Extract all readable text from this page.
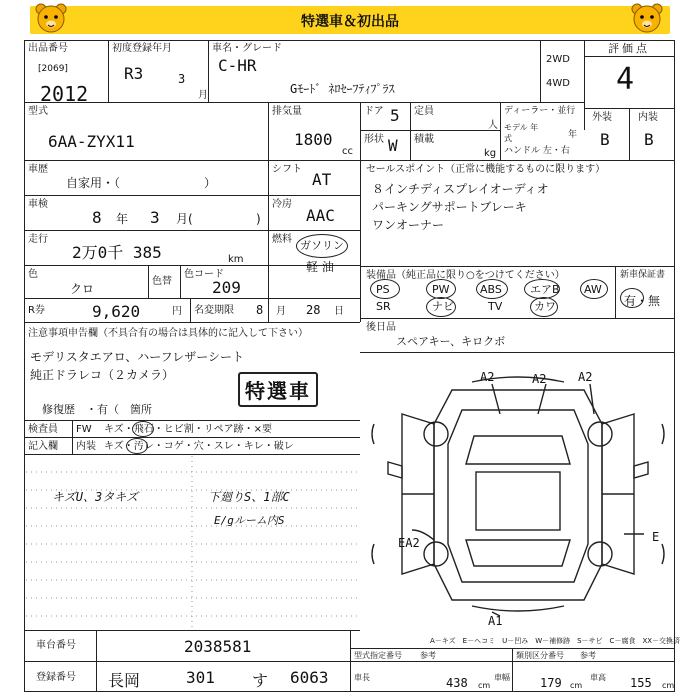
特選車＆初出品
出品番号
[2069]
2012
初度登録年月
R3	3
月
車名・グレード
C-HR
Gﾓｰﾄﾞ ﾈﾛｾｰﾌﾃｨﾌﾟﾗｽ
2WD
4WD
評価点
4
外装	内装
B B
型式
6AA-ZYX11
排気量
1800
cc
ドア 5
形状 W
定員
人
積載
kg
ディーラー・並行
モデル 年式	年
ハンドル 左・右
車歴
自家用・（　　　　　　　）
シフト
AT
車検
8 年 3 月(	)
冷房
AAC
走行
2万0千 385	km
燃料 ガソリン
軽 油
色
クロ
色替
色コード
209
R券	9,620	円 名変期限 8 月 28 日
セールスポイント（正常に機能するものに限ります）
８インチディスプレイオーディオ
パーキングサポートブレーキ
ワンオーナー
装備品（純正品に限り○をつけてください）	新車保証書
PS	PW	ABS	エアB AW
SR	ナビ	TV	カワ	有・無
後日品
スペアキー、キロクボ
注意事項申告欄（不具合有の場合は具体的に記入して下さい）
モデリスタエアロ、ハーフレザーシート
純正ドラレコ（２カメラ）
特選車
修復歴　・有（　箇所
検査員
記入欄
FW キズ・飛石・ヒビ割・リペア跡・×要
内装 キズ・汚レ・コゲ・穴・スレ・キレ・破レ
キズU、3タキズ	下廻りS、1部C
E/gルーム内S
A2	A2	A2
EA2	E
A1
A－キズ　E－ヘコミ　U－凹み　W－補修跡　S－サビ　C－腐食　XX－交換済
車台番号	2038581
登録番号 長岡	301 す 6063
型式指定番号 参考	類別区分番号 参考
車長	438 cm
車幅	179 cm
車高 155 cm
